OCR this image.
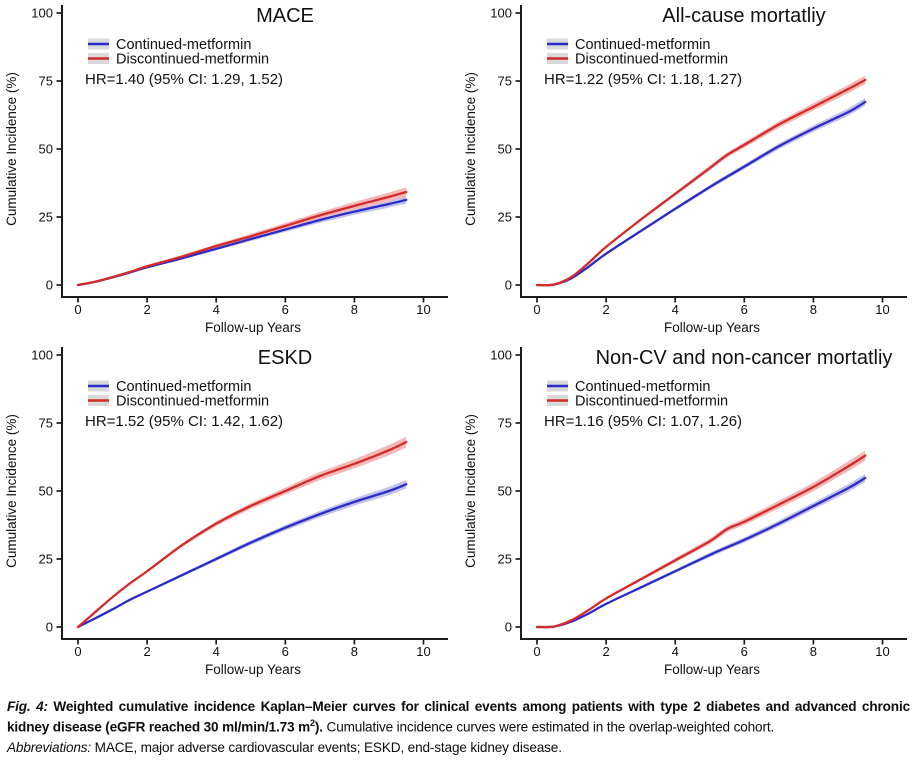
0	2	4	6	8	10
0
25
50
75
100
Follow-up Years
Cumulative Incidence (%)
MACE
Continued-metformin
Discontinued-metformin
HR=1.40 (95% CI: 1.29, 1.52)
0	2	4	6	8	10
0
25
50
75
100
Follow-up Years
Cumulative Incidence (%)
All-cause mortatliy
Continued-metformin
Discontinued-metformin
HR=1.22 (95% CI: 1.18, 1.27)
0	2	4	6	8	10
0
25
50
75
100
Follow-up Years
Cumulative Incidence (%)
ESKD
Continued-metformin
Discontinued-metformin
HR=1.52 (95% CI: 1.42, 1.62)
0	2	4	6	8	10
0
25
50
75
100
Follow-up Years
Cumulative Incidence (%)
Non-CV and non-cancer mortatliy
Continued-metformin
Discontinued-metformin
HR=1.16 (95% CI: 1.07, 1.26)

Fig. 4: Weighted cumulative incidence Kaplan–Meier curves for clinical events among patients with type 2 diabetes and advanced chronic kidney disease (eGFR reached 30 ml/min/1.73 $m^2$). Cumulative incidence curves were estimated in the overlap-weighted cohort.

Abbreviations: MACE, major adverse cardiovascular events; ESKD, end-stage kidney disease.
